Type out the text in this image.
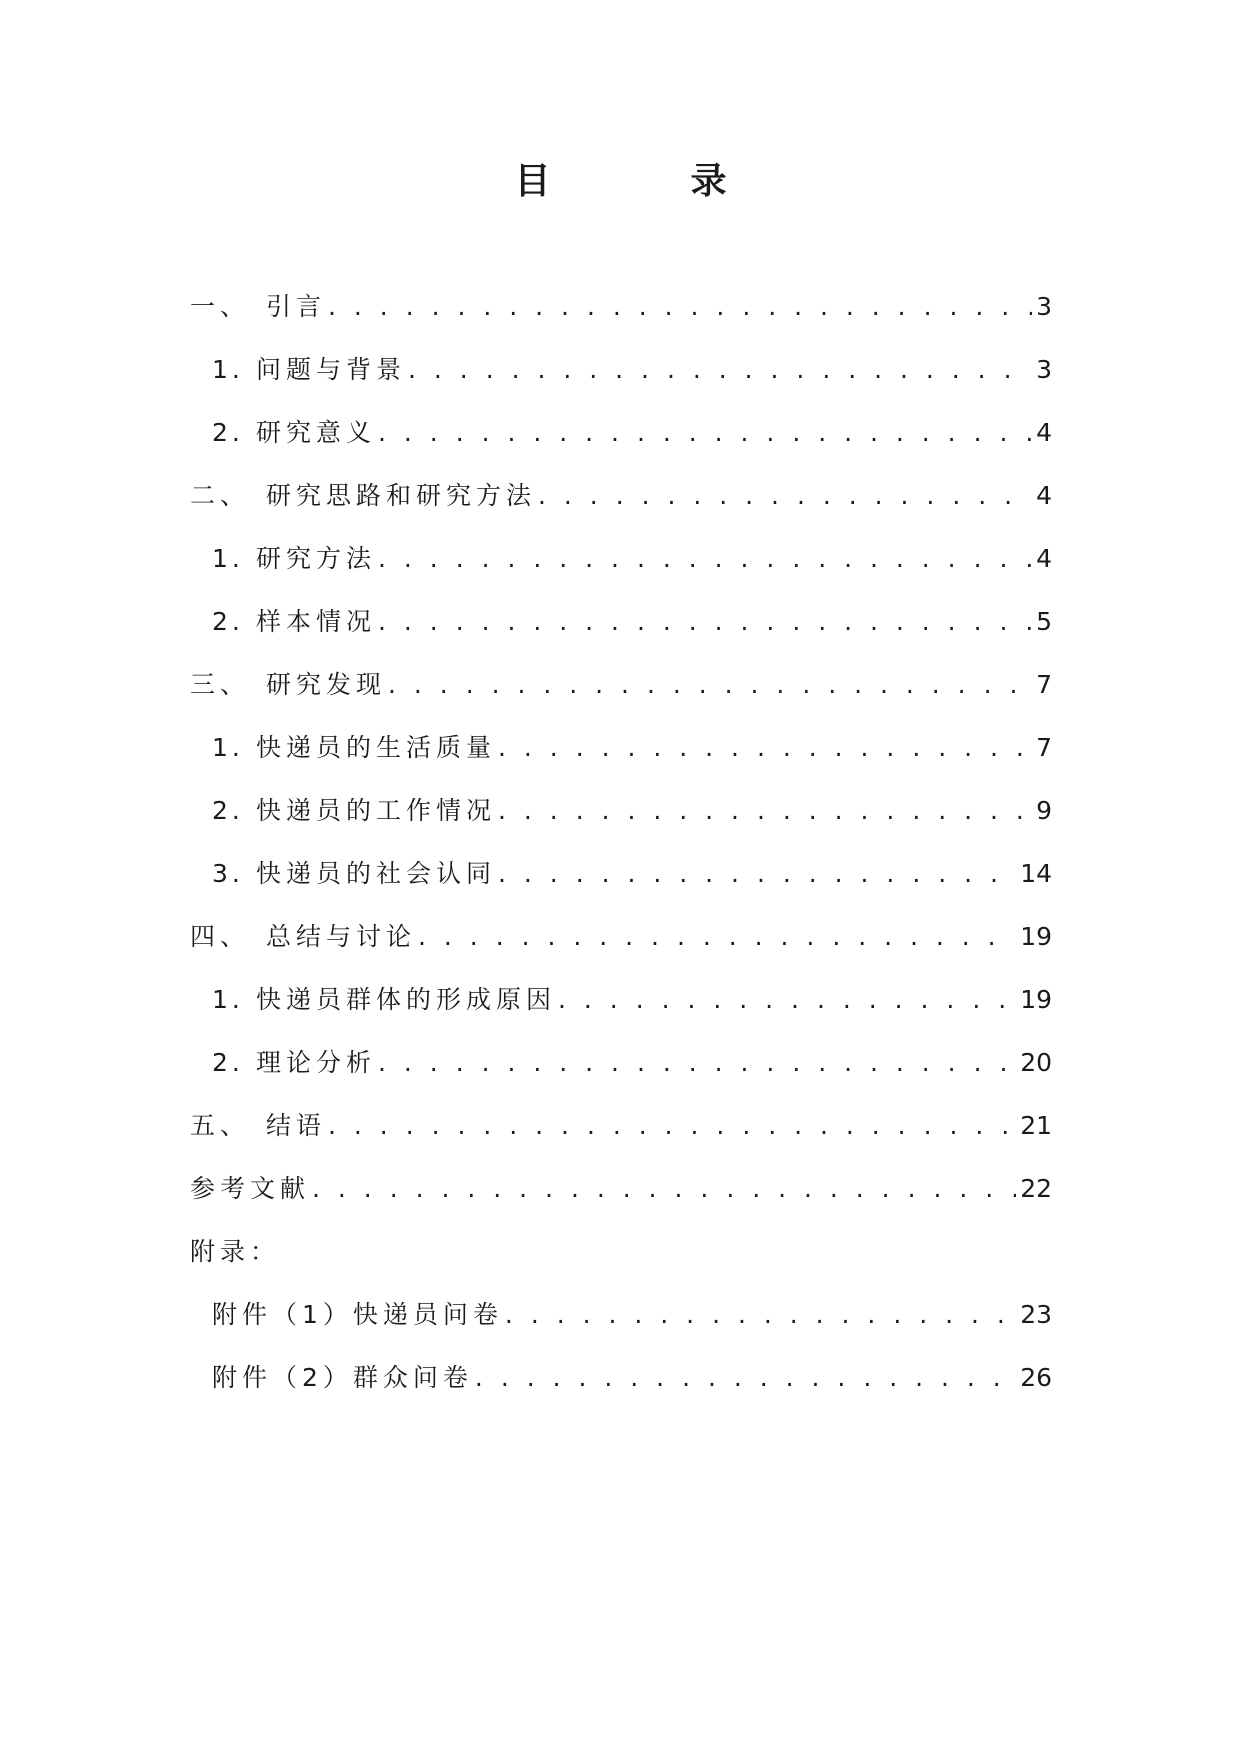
目　录
一、 引言 . . .	3
1. 问题与背景 . . .	3
2. 研究意义 . . .	4
二、 研究思路和研究方法 . . .	4
1. 研究方法 . . .	4
2. 样本情况 . . .	5
三、 研究发现 . . .	7
1. 快递员的生活质量 . . .	7
2. 快递员的工作情况 . . .	9
3. 快递员的社会认同 . . .	14
四、 总结与讨论 . . .	19
1. 快递员群体的形成原因 . . .	19
2. 理论分析 . . .	20
五、 结语 . . .	21
参考文献 . . .	22
附录：
附件（1）快递员问卷 . . .	23
附件（2）群众问卷 . . .	26
